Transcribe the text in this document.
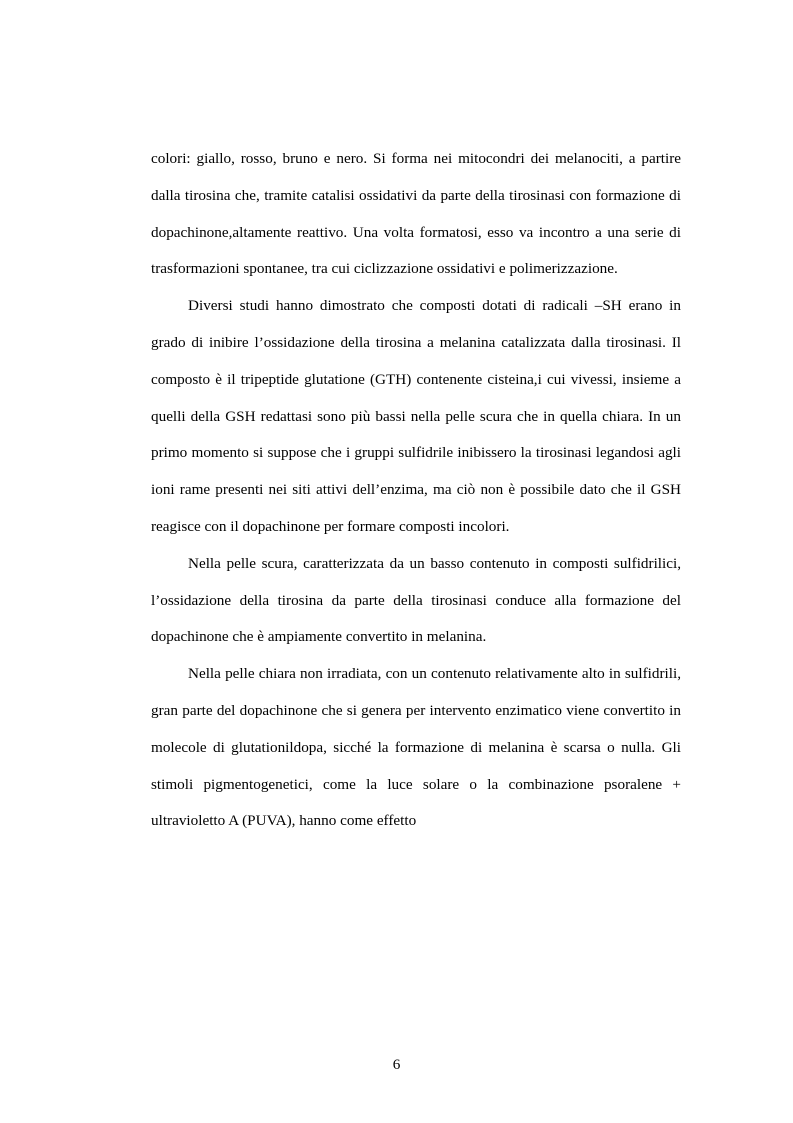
colori: giallo, rosso, bruno e nero. Si forma nei mitocondri dei melanociti, a partire dalla tirosina che, tramite catalisi ossidativi da parte della tirosinasi con formazione di dopachinone,altamente reattivo. Una volta formatosi, esso va incontro a una serie di trasformazioni spontanee, tra cui ciclizzazione ossidativi e polimerizzazione.

Diversi studi hanno dimostrato che composti dotati di radicali –SH erano in grado di inibire l’ossidazione della tirosina a melanina catalizzata dalla tirosinasi. Il composto è il tripeptide glutatione (GTH) contenente cisteina,i cui vivessi, insieme a quelli della GSH redattasi sono più bassi nella pelle scura che in quella chiara. In un primo momento si suppose che i gruppi sulfidrile inibissero la tirosinasi legandosi agli ioni rame presenti nei siti attivi dell’enzima, ma ciò non è possibile dato che il GSH reagisce con il dopachinone per formare composti incolori.

Nella pelle scura, caratterizzata da un basso contenuto in composti sulfidrilici, l’ossidazione della tirosina da parte della tirosinasi conduce alla formazione del dopachinone che è ampiamente convertito in melanina.

Nella pelle chiara non irradiata, con un contenuto relativamente alto in sulfidrili, gran parte del dopachinone che si genera per intervento enzimatico viene convertito in molecole di glutationildopa, sicché la formazione di melanina è scarsa o nulla. Gli stimoli pigmentogenetici, come la luce solare o la combinazione psoralene + ultravioletto A (PUVA), hanno come effetto

6
